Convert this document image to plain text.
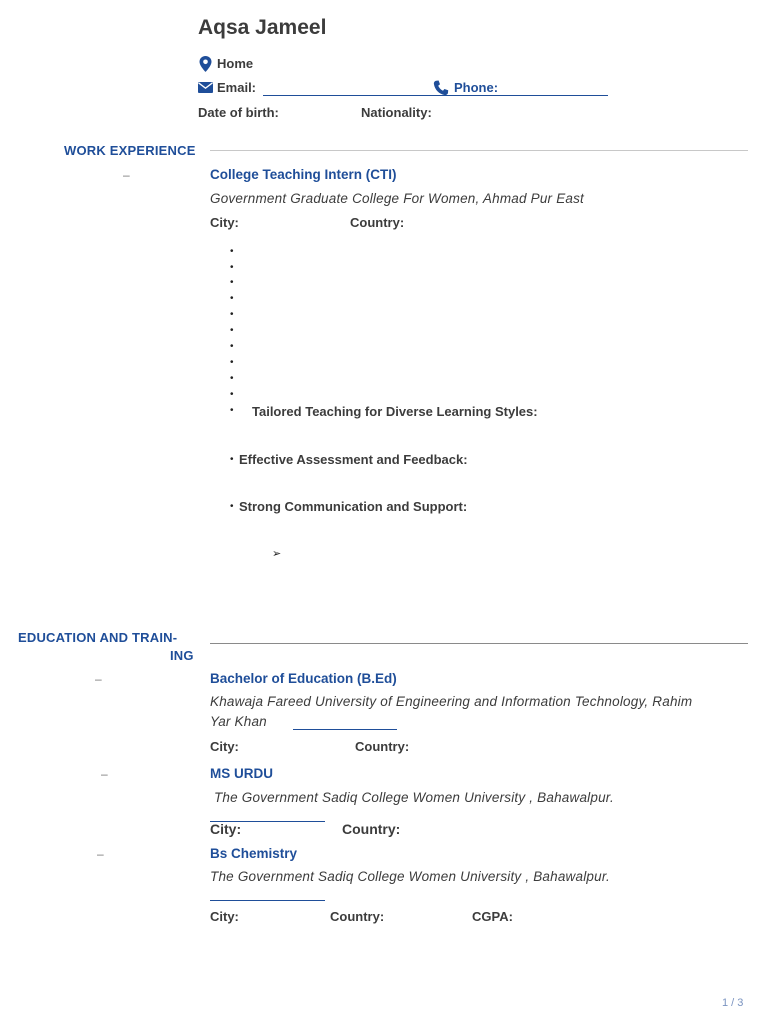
Aqsa Jameel
Home
Email:	Phone:
Date of birth:	Nationality:
WORK EXPERIENCE
–	College Teaching Intern (CTI)
Government Graduate College For Women, Ahmad Pur East
City:	Country:
•
•
•
•
•
•
•
•
•
•
• Tailored Teaching for Diverse Learning Styles:
• Effective Assessment and Feedback:
• Strong Communication and Support:
➢
EDUCATION AND TRAIN-
ING
–	Bachelor of Education (B.Ed)
Khawaja Fareed University of Engineering and Information Technology, Rahim
Yar Khan
City:	Country:
–	MS URDU
The Government Sadiq College Women University , Bahawalpur.
City:	Country:
–	Bs Chemistry
The Government Sadiq College Women University , Bahawalpur.
City:	Country:	CGPA:
1 / 3
